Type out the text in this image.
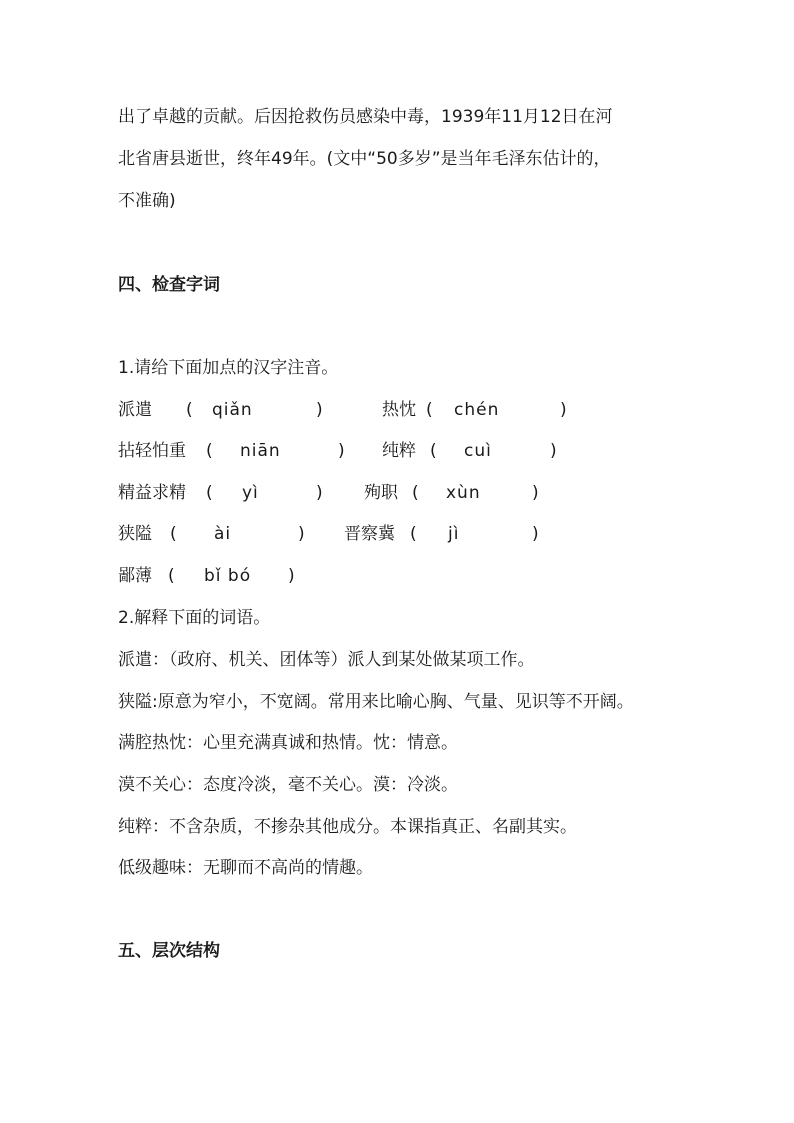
出了卓越的贡献。后因抢救伤员感染中毒，1939年11月12日在河
北省唐县逝世，终年49年。(文中“50多岁”是当年毛泽东估计的，
不准确)
四、检查字词
1.请给下面加点的汉字注音。
派遣 ( qiǎn	)	热忱 ( chén	)
拈轻怕重 ( niān	) 纯粹 ( cuì	)
精益求精 ( yì	) 殉职 ( xùn	)
狭隘 ( ài	) 晋察冀 ( jì	)
鄙薄 ( bǐ bó )
2.解释下面的词语。
派遣：（政府、机关、团体等）派人到某处做某项工作。
狭隘:原意为窄小，不宽阔。常用来比喻心胸、气量、见识等不开阔。
满腔热忱：心里充满真诚和热情。忱：情意。
漠不关心：态度冷淡，毫不关心。漠：冷淡。
纯粹：不含杂质，不掺杂其他成分。本课指真正、名副其实。
低级趣味：无聊而不高尚的情趣。
五、层次结构
